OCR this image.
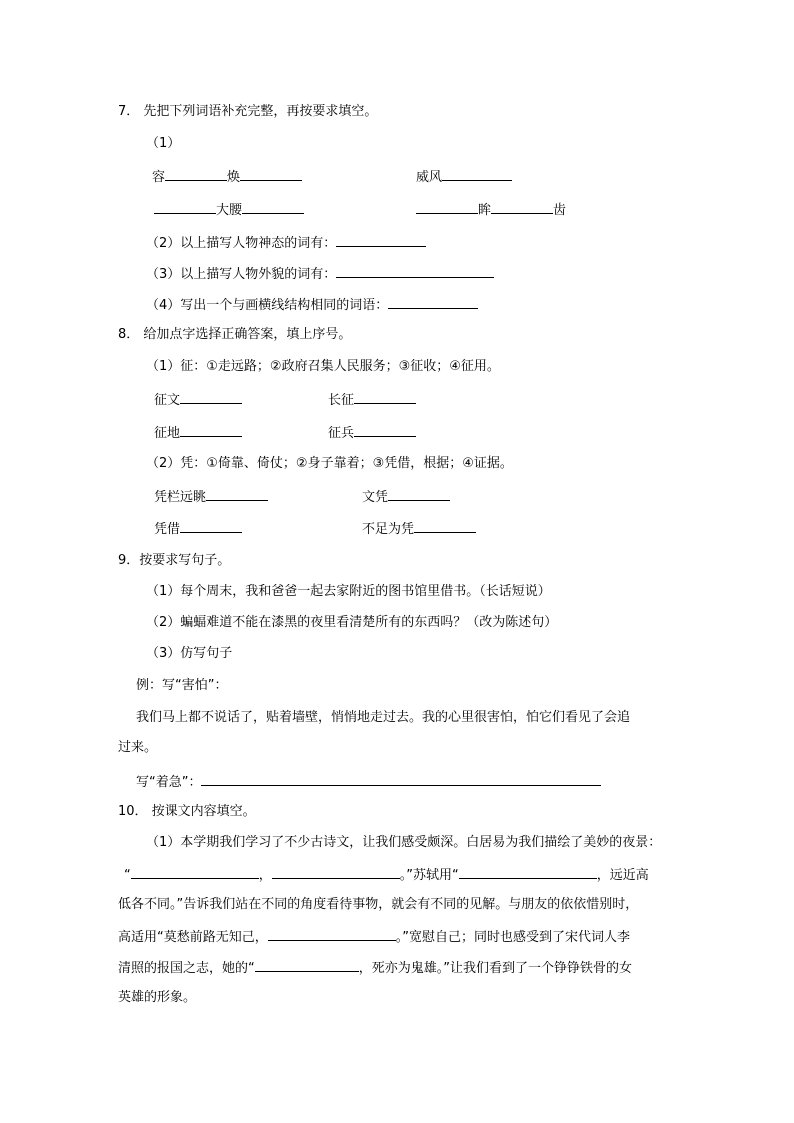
7． 先把下列词语补充完整，再按要求填空。
（1）
容	焕	威风
大腰	眸	齿
（2）以上描写人物神态的词有：
（3）以上描写人物外貌的词有：
（4）写出一个与画横线结构相同的词语：
8． 给加点字选择正确答案，填上序号。
（1）征：①走远路；②政府召集人民服务；③征收；④征用。
征文	长征
征地	征兵
（2）凭：①倚靠、倚仗；②身子靠着；③凭借，根据；④证据。
凭栏远眺	文凭
凭借	不足为凭
9．按要求写句子。
（1）每个周末，我和爸爸一起去家附近的图书馆里借书。（长话短说）
（2）蝙蝠难道不能在漆黑的夜里看清楚所有的东西吗？（改为陈述句）
（3）仿写句子
例：写“害怕”：
我们马上都不说话了，贴着墙壁，悄悄地走过去。我的心里很害怕，怕它们看见了会追
过来。
写“着急”：
10． 按课文内容填空。
（1）本学期我们学习了不少古诗文，让我们感受颇深。白居易为我们描绘了美妙的夜景：
“	，	。”苏轼用“	，远近高
低各不同。”告诉我们站在不同的角度看待事物，就会有不同的见解。与朋友的依依惜别时，
高适用“莫愁前路无知己，	。”宽慰自己；同时也感受到了宋代词人李
清照的报国之志，她的“	，死亦为鬼雄。”让我们看到了一个铮铮铁骨的女
英雄的形象。
